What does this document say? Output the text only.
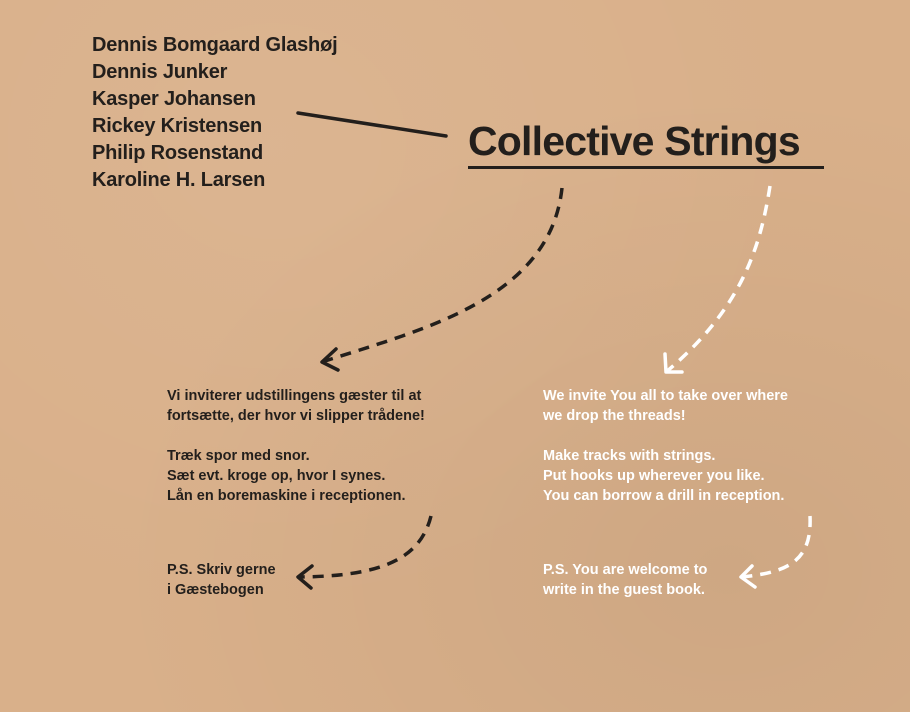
Dennis Bomgaard Glashøj
Dennis Junker
Kasper Johansen
Rickey Kristensen
Philip Rosenstand
Karoline H. Larsen
Collective Strings

Vi inviterer udstillingens gæster til at

fortsætte, der hvor vi slipper trådene!

Træk spor med snor.

Sæt evt. kroge op, hvor I synes.

Lån en boremaskine i receptionen.

We invite You all to take over where

we drop the threads!

Make tracks with strings.

Put hooks up wherever you like.

You can borrow a drill in reception.

P.S. Skriv gerne

i Gæstebogen

P.S. You are welcome to

write in the guest book.
